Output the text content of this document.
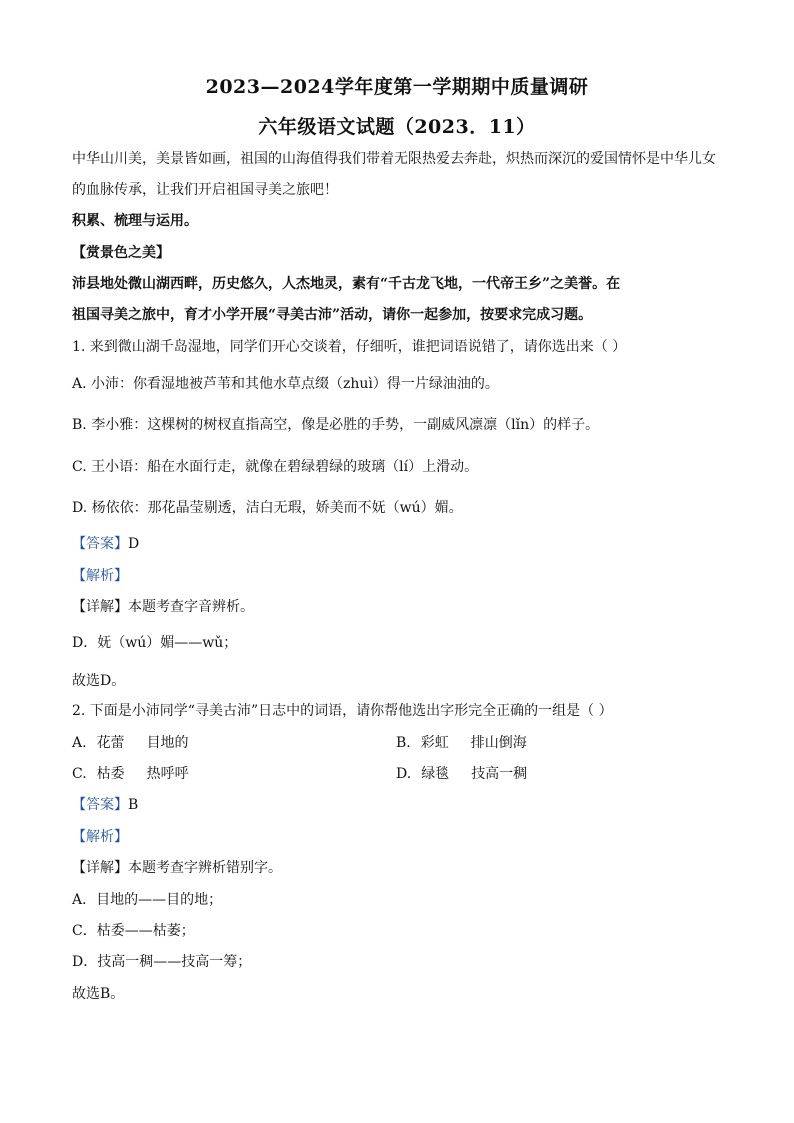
2023—2024学年度第一学期期中质量调研
六年级语文试题（2023．11）
中华山川美，美景皆如画，祖国的山海值得我们带着无限热爱去奔赴，炽热而深沉的爱国情怀是中华儿女
的血脉传承，让我们开启祖国寻美之旅吧！
积累、梳理与运用。
【赏景色之美】
沛县地处微山湖西畔，历史悠久，人杰地灵，素有“千古龙飞地，一代帝王乡”之美誉。在
祖国寻美之旅中，育才小学开展“寻美古沛”活动，请你一起参加，按要求完成习题。
1. 来到微山湖千岛湿地，同学们开心交谈着，仔细听，谁把词语说错了，请你选出来（ ）
A. 小沛：你看湿地被芦苇和其他水草点缀（zhuì）得一片绿油油的。
B. 李小雅：这棵树的树杈直指高空，像是必胜的手势，一副威风凛凛（lǐn）的样子。
C. 王小语：船在水面行走，就像在碧绿碧绿的玻璃（lí）上滑动。
D. 杨依依：那花晶莹剔透，洁白无瑕，娇美而不妩（wú）媚。
【答案】D
【解析】
【详解】本题考查字音辨析。
D．妩（wú）媚——wǔ；
故选D。
2. 下面是小沛同学“寻美古沛”日志中的词语，请你帮他选出字形完全正确的一组是（ ）
A. 花蕾 目地的	B. 彩虹 排山倒海
C. 枯委 热呼呼	D. 绿毯 技高一稠
【答案】B
【解析】
【详解】本题考查字辨析错别字。
A．目地的——目的地；
C．枯委——枯萎；
D．技高一稠——技高一筹；
故选B。
